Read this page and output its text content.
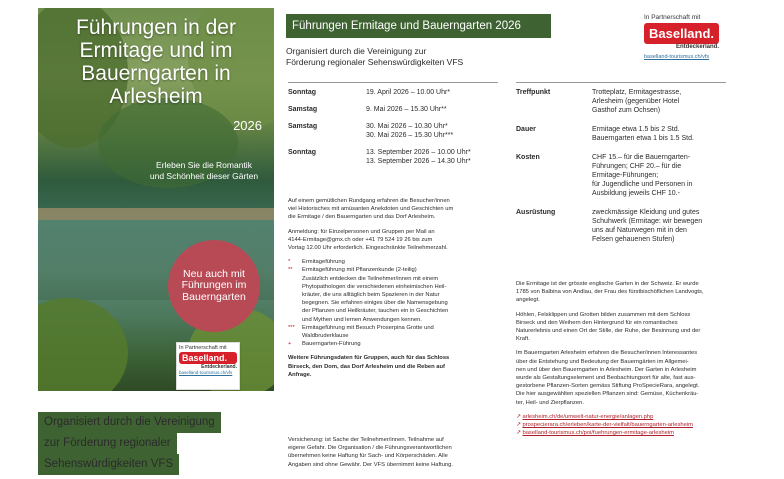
Führungen in der
Ermitage und im
Bauerngarten in
Arlesheim
2026
Erleben Sie die Romantik
und Schönheit dieser Gärten
Neu auch mit
Führungen im
Bauerngarten
In Partnerschaft mit
Baselland.
Entdeckerland.
baselland-tourismus.ch/vfs
Organisiert durch die Vereinigung
zur Förderung regionaler
Sehenswürdigkeiten VFS
Führungen Ermitage und Bauerngarten 2026
Organisiert durch die Vereinigung zur
Förderung regionaler Sehenswürdigkeiten VFS
In Partnerschaft mit
Baselland.
Entdeckerland.
baselland-tourismus.ch/vfs
Sonntag	19. April 2026 – 10.00 Uhr*
Samstag	9. Mai 2026 – 15.30 Uhr**
Samstag	30. Mai 2026 – 10.30 Uhr*
30. Mai 2026 – 15.30 Uhr***
Sonntag	13. September 2026 – 10.00 Uhr*
13. September 2026 – 14.30 Uhr*
Treffpunkt	Trotteplatz, Ermitagestrasse,
Arlesheim (gegenüber Hotel
Gasthof zum Ochsen)
Dauer	Ermitage etwa 1.5 bis 2 Std.
Bauerngarten etwa 1 bis 1.5 Std.
Kosten	CHF 15.– für die Bauerngarten-
Führungen; CHF 20.– für die
Ermitage-Führungen;
für Jugendliche und Personen in
Ausbildung jeweils CHF 10.-
Ausrüstung	zweckmässige Kleidung und gutes
Schuhwerk (Ermitage: wir bewegen
uns auf Naturwegen mit in den
Felsen gehauenen Stufen)
Auf einem gemütlichen Rundgang erfahren die Besucher/innen
viel Historisches mit amüsanten Anekdoten und Geschichten um
die Ermitage / den Bauerngarten und das Dorf Arlesheim.
Anmeldung: für Einzelpersonen und Gruppen per Mail an
4144-Ermitage@gmx.ch oder +41 79 524 19 26 bis zum
Vortag 12.00 Uhr erforderlich. Eingeschränkte Teilnehmerzahl.
*	Ermitageführung
**	Ermitageführung mit Pflanzenkunde (2-teilig)
Zusätzlich entdecken die Teilnehmer/innen mit einem
Phytopathologen die verschiedenen einheimischen Heil-
kräuter, die uns alltäglich beim Spazieren in der Natur
begegnen. Sie erfahren einiges über die Namensgebung
der Pflanzen und Heilkräuter, tauchen ein in Geschichten
und Mythen und lernen Anwendungen kennen.
***	Ermitageführung mit Besuch Proserpina Grotte und
Waldbruderklause
+	Bauerngarten-Führung
Weitere Führungsdaten für Gruppen, auch für das Schloss
Birseck, den Dom, das Dorf Arlesheim und die Reben auf
Anfrage.
Versicherung: ist Sache der Teilnehmer/innen. Teilnahme auf
eigene Gefahr. Die Organisation / die Führungsverantwortlichen
übernehmen keine Haftung für Sach- und Körperschäden. Alle
Angaben sind ohne Gewähr. Der VFS übernimmt keine Haftung.
Die Ermitage ist der grösste englische Garten in der Schweiz. Er wurde
1785 von Balbina von Andlau, der Frau des fürstbischöflichen Landvogts,
angelegt.
Höhlen, Felsklippen und Grotten bilden zusammen mit dem Schloss
Birseck und den Weihern den Hintergrund für ein romantisches
Naturerlebnis und einen Ort der Stille, der Ruhe, der Besinnung und der
Kraft.
Im Bauerngarten Arlesheim erfahren die Besucher/innen Interessantes
über die Entstehung und Bedeutung der Bauerngärten im Allgemei-
nen und über den Bauerngarten in Arlesheim. Der Garten in Arlesheim
wurde als Gestaltungselement und Beobachtungsort für alte, fast aus-
gestorbene Pflanzen-Sorten gemäss Stiftung ProSpecieRara, angelegt.
Die hier ausgewählten speziellen Pflanzen sind: Gemüse, Küchenkräu-
ter, Heil- und Zierpflanzen.
↗ arlesheim.ch/de/umwelt-natur-energie/anlagen.php
↗ prospecierara.ch/erleben/karte-der-vielfalt/bauerngarten-arlesheim
↗ baselland-tourismus.ch/poi/fuehrungen-ermitage-arlesheim
